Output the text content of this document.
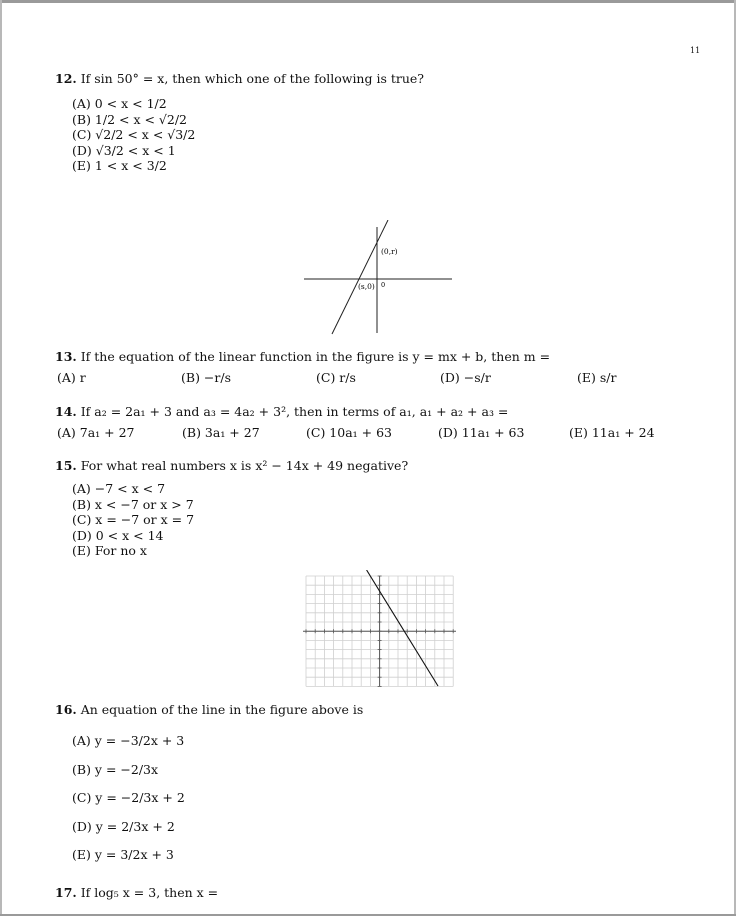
11
12. If sin 50° = x, then which one of the following is true?
(A) 0 < x < 1/2
(B) 1/2 < x < √2/2
(C) √2/2 < x < √3/2
(D) √3/2 < x < 1
(E) 1 < x < 3/2
(0,r)
(s,0) 0
13. If the equation of the linear function in the figure is y = mx + b, then m =
(A) r	(B) −r/s	(C) r/s	(D) −s/r	(E) s/r
14. If a₂ = 2a₁ + 3 and a₃ = 4a₂ + 3², then in terms of a₁, a₁ + a₂ + a₃ =
(A) 7a₁ + 27	(B) 3a₁ + 27	(C) 10a₁ + 63	(D) 11a₁ + 63	(E) 11a₁ + 24
15. For what real numbers x is x² − 14x + 49 negative?
(A) −7 < x < 7
(B) x < −7 or x > 7
(C) x = −7 or x = 7
(D) 0 < x < 14
(E) For no x
16. An equation of the line in the figure above is
(A) y = −3/2x + 3
(B) y = −2/3x
(C) y = −2/3x + 2
(D) y = 2/3x + 2
(E) y = 3/2x + 3
17. If log₅ x = 3, then x =
